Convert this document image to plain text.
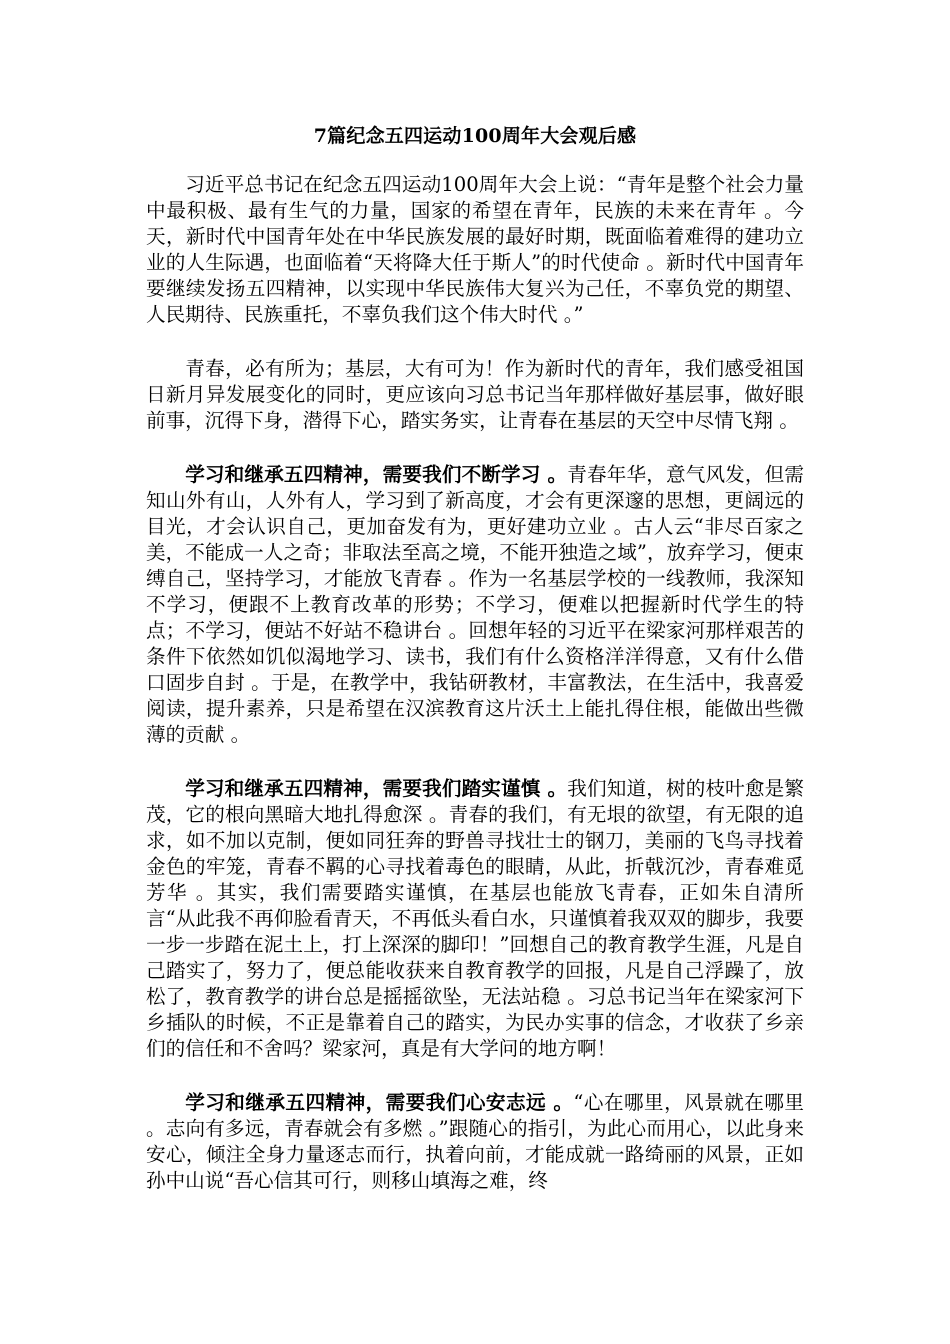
7篇纪念五四运动100周年大会观后感

习近平总书记在纪念五四运动100周年大会上说：“青年是整个社会力量中最积极、最有生气的力量，国家的希望在青年，民族的未来在青年 。今天，新时代中国青年处在中华民族发展的最好时期，既面临着难得的建功立业的人生际遇，也面临着“天将降大任于斯人”的时代使命 。新时代中国青年要继续发扬五四精神，以实现中华民族伟大复兴为己任，不辜负党的期望、人民期待、民族重托，不辜负我们这个伟大时代 。”

青春，必有所为；基层，大有可为！作为新时代的青年，我们感受祖国日新月异发展变化的同时，更应该向习总书记当年那样做好基层事，做好眼前事，沉得下身，潜得下心，踏实务实，让青春在基层的天空中尽情飞翔 。

学习和继承五四精神，需要我们不断学习 。青春年华，意气风发，但需知山外有山，人外有人，学习到了新高度，才会有更深邃的思想，更阔远的目光，才会认识自己，更加奋发有为，更好建功立业 。古人云“非尽百家之美，不能成一人之奇；非取法至高之境，不能开独造之域”，放弃学习，便束缚自己，坚持学习，才能放飞青春 。作为一名基层学校的一线教师，我深知不学习，便跟不上教育改革的形势；不学习，便难以把握新时代学生的特点；不学习，便站不好站不稳讲台 。回想年轻的习近平在梁家河那样艰苦的条件下依然如饥似渴地学习、读书，我们有什么资格洋洋得意，又有什么借口固步自封 。于是，在教学中，我钻研教材，丰富教法，在生活中，我喜爱阅读，提升素养，只是希望在汉滨教育这片沃土上能扎得住根，能做出些微薄的贡献 。

学习和继承五四精神，需要我们踏实谨慎 。我们知道，树的枝叶愈是繁茂，它的根向黑暗大地扎得愈深 。青春的我们，有无垠的欲望，有无限的追求，如不加以克制，便如同狂奔的野兽寻找壮士的钢刀，美丽的飞鸟寻找着金色的牢笼，青春不羁的心寻找着毒色的眼睛，从此，折戟沉沙，青春难觅芳华 。其实，我们需要踏实谨慎，在基层也能放飞青春，正如朱自清所言“从此我不再仰脸看青天，不再低头看白水，只谨慎着我双双的脚步，我要一步一步踏在泥土上，打上深深的脚印！”回想自己的教育教学生涯，凡是自己踏实了，努力了，便总能收获来自教育教学的回报，凡是自己浮躁了，放松了，教育教学的讲台总是摇摇欲坠，无法站稳 。习总书记当年在梁家河下乡插队的时候，不正是靠着自己的踏实，为民办实事的信念，才收获了乡亲们的信任和不舍吗？梁家河，真是有大学问的地方啊！

学习和继承五四精神，需要我们心安志远 。“心在哪里，风景就在哪里 。志向有多远，青春就会有多燃 。”跟随心的指引，为此心而用心，以此身来安心，倾注全身力量逐志而行，执着向前，才能成就一路绮丽的风景，正如孙中山说“吾心信其可行，则移山填海之难，终
